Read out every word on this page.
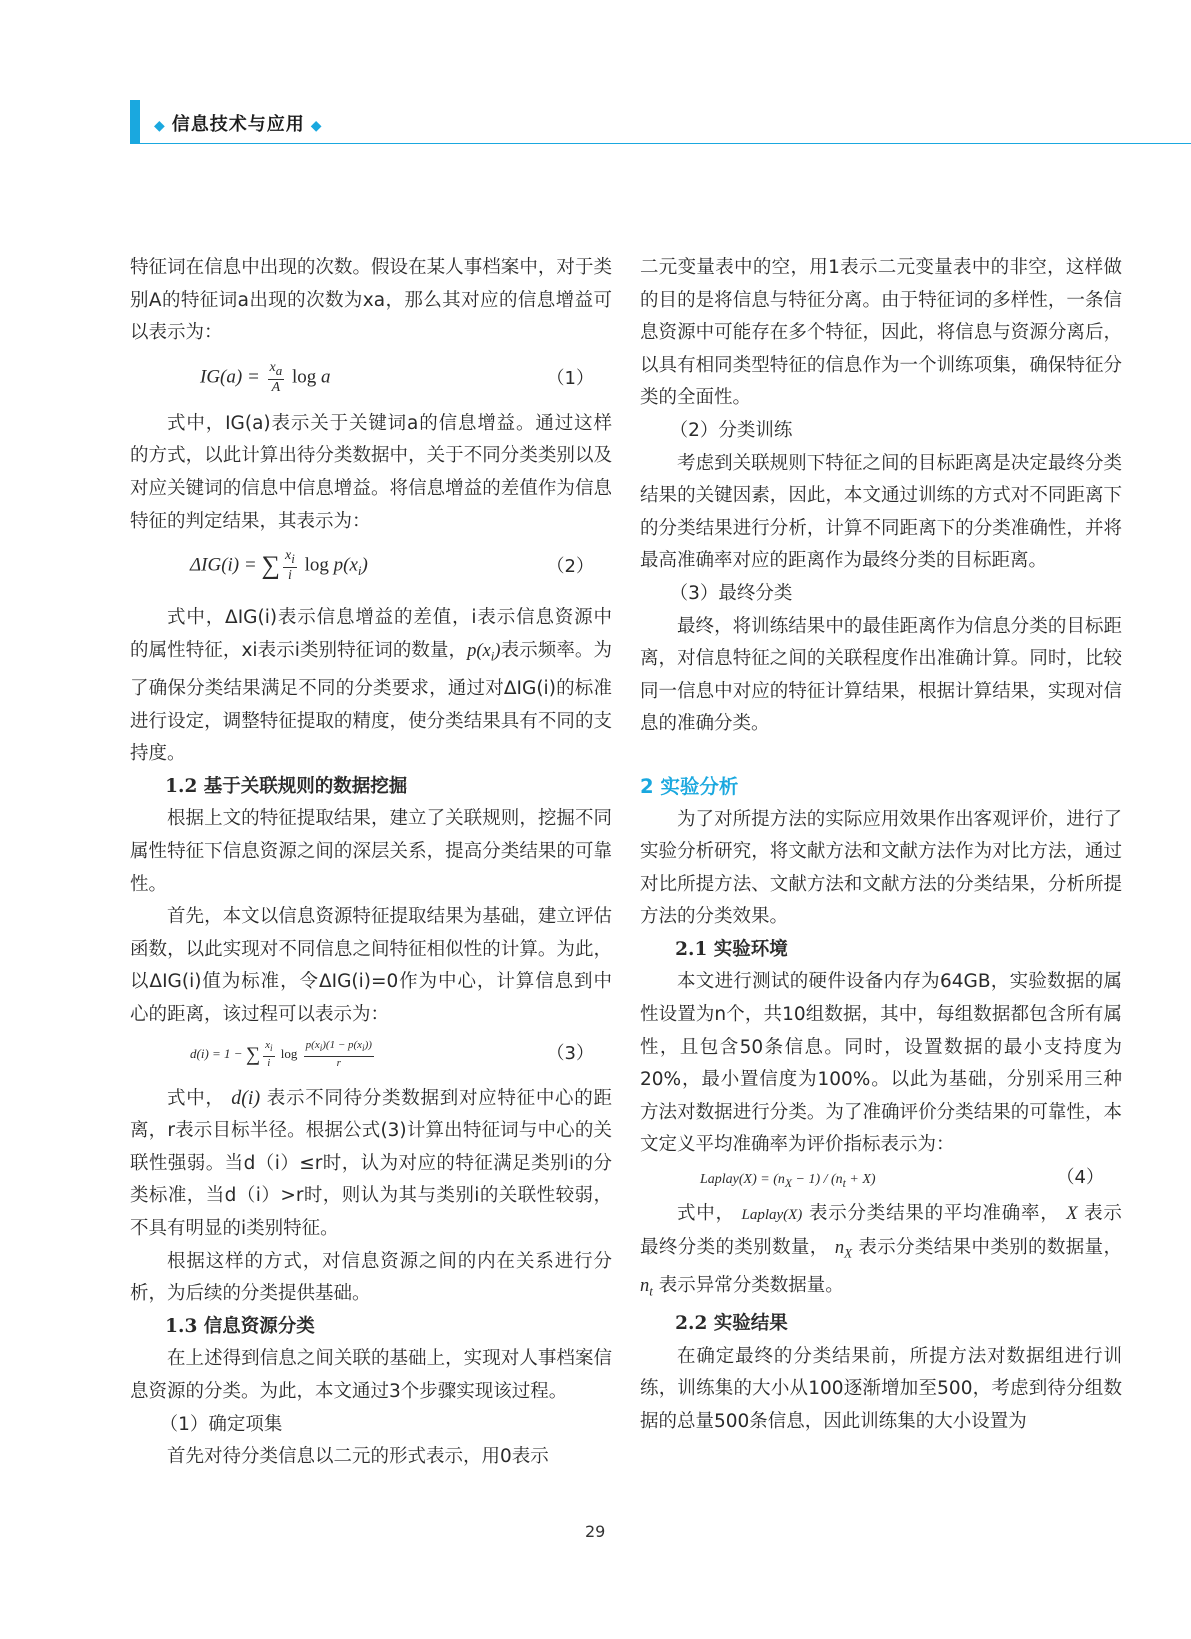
◆ 信息技术与应用 ◆

特征词在信息中出现的次数。假设在某人事档案中，对于类别A的特征词a出现的次数为xa，那么其对应的信息增益可以表示为：

$IG(a) = \frac{x_a}{A}$ log a	（1）

式中，IG(a)表示关于关键词a的信息增益。通过这样的方式，以此计算出待分类数据中，关于不同分类类别以及对应关键词的信息中信息增益。将信息增益的差值作为信息特征的判定结果，其表示为：

ΔIG(i) = ∑ $\frac{x_i}{i}$ $\log p(x_i)$	（2）

式中，ΔIG(i)表示信息增益的差值，i表示信息资源中的属性特征，xi表示i类别特征词的数量，$p(x_i)$表示频率。为了确保分类结果满足不同的分类要求，通过对ΔIG(i)的标准进行设定，调整特征提取的精度，使分类结果具有不同的支持度。

1.2 基于关联规则的数据挖掘

根据上文的特征提取结果，建立了关联规则，挖掘不同属性特征下信息资源之间的深层关系，提高分类结果的可靠性。

首先，本文以信息资源特征提取结果为基础，建立评估函数，以此实现对不同信息之间特征相似性的计算。为此，以ΔIG(i)值为标准，令ΔIG(i)=0作为中心，计算信息到中心的距离，该过程可以表示为：

d(i) = 1 − ∑ $\frac{x_i}{i}$ $\log \frac{p(x_i)(1 - p(x_i))}{r}$	（3）

式中， d(i) 表示不同待分类数据到对应特征中心的距离，r表示目标半径。根据公式(3)计算出特征词与中心的关联性强弱。当d（i）≤r时，认为对应的特征满足类别i的分类标准，当d（i）>r时，则认为其与类别i的关联性较弱，不具有明显的i类别特征。

根据这样的方式，对信息资源之间的内在关系进行分析，为后续的分类提供基础。

1.3 信息资源分类

在上述得到信息之间关联的基础上，实现对人事档案信息资源的分类。为此，本文通过3个步骤实现该过程。

（1）确定项集

首先对待分类信息以二元的形式表示，用0表示

二元变量表中的空，用1表示二元变量表中的非空，这样做的目的是将信息与特征分离。由于特征词的多样性，一条信息资源中可能存在多个特征，因此，将信息与资源分离后，以具有相同类型特征的信息作为一个训练项集，确保特征分类的全面性。

（2）分类训练

考虑到关联规则下特征之间的目标距离是决定最终分类结果的关键因素，因此，本文通过训练的方式对不同距离下的分类结果进行分析，计算不同距离下的分类准确性，并将最高准确率对应的距离作为最终分类的目标距离。

（3）最终分类

最终，将训练结果中的最佳距离作为信息分类的目标距离，对信息特征之间的关联程度作出准确计算。同时，比较同一信息中对应的特征计算结果，根据计算结果，实现对信息的准确分类。

2 实验分析

为了对所提方法的实际应用效果作出客观评价，进行了实验分析研究，将文献方法和文献方法作为对比方法，通过对比所提方法、文献方法和文献方法的分类结果，分析所提方法的分类效果。

2.1 实验环境

本文进行测试的硬件设备内存为64GB，实验数据的属性设置为n个，共10组数据，其中，每组数据都包含所有属性，且包含50条信息。同时，设置数据的最小支持度为20%，最小置信度为100%。以此为基础，分别采用三种方法对数据进行分类。为了准确评价分类结果的可靠性，本文定义平均准确率为评价指标表示为：

Laplay(X) = $(n_X - 1) / (n_t + X)$	（4）

式中， Laplay(X) 表示分类结果的平均准确率， X 表示最终分类的类别数量， $n_X$ 表示分类结果中类别的数据量， $n_t$ 表示异常分类数据量。

2.2 实验结果

在确定最终的分类结果前，所提方法对数据组进行训练，训练集的大小从100逐渐增加至500，考虑到待分组数据的总量500条信息，因此训练集的大小设置为

29
